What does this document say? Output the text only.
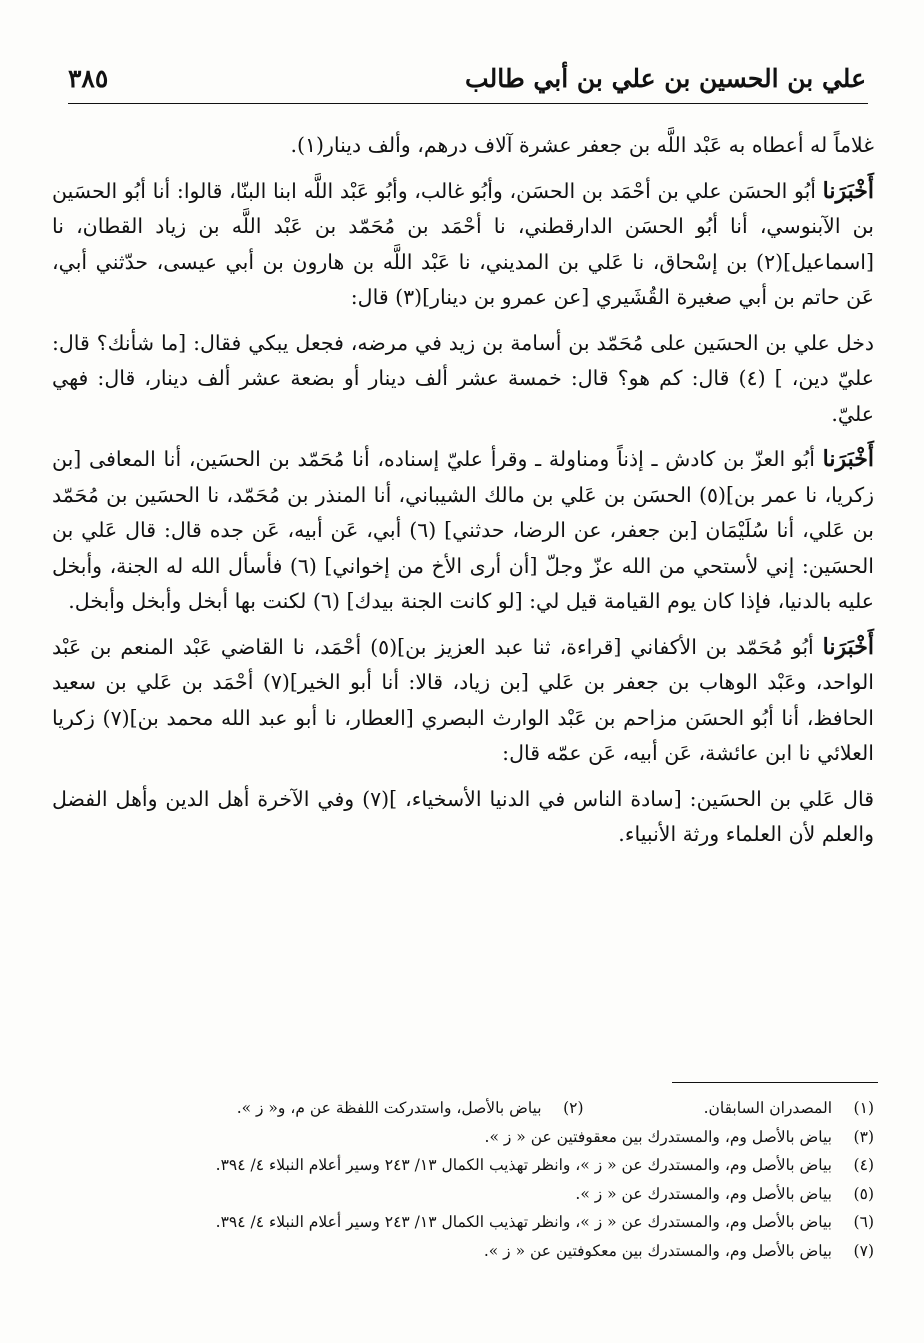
علي بن الحسين بن علي بن أبي طالب
٣٨٥

غلاماً له أعطاه به عَبْد اللَّه بن جعفر عشرة آلاف درهم، وألف دينار(١).

أَخْبَرَنا أبُو الحسَن علي بن أحْمَد بن الحسَن، وأبُو غالب، وأبُو عَبْد اللَّه ابنا البنّا، قالوا: أنا أبُو الحسَين بن الآبنوسي، أنا أبُو الحسَن الدارقطني، نا أحْمَد بن مُحَمّد بن عَبْد اللَّه بن زياد القطان، نا [اسماعيل](٢) بن إسْحاق، نا عَلي بن المديني، نا عَبْد اللَّه بن هارون بن أبي عيسى، حدّثني أبي، عَن حاتم بن أبي صغيرة القُشَيري [عن عمرو بن دينار](٣) قال:

دخل علي بن الحسَين على مُحَمّد بن أسامة بن زيد في مرضه، فجعل يبكي فقال: [ما شأنك؟ قال: عليّ دين، ] (٤) قال: كم هو؟ قال: خمسة عشر ألف دينار أو بضعة عشر ألف دينار، قال: فهي عليّ.

أَخْبَرَنا أبُو العزّ بن كادش ـ إذناً ومناولة ـ وقرأ عليّ إسناده، أنا مُحَمّد بن الحسَين، أنا المعافى [بن زكريا، نا عمر بن](٥) الحسَن بن عَلي بن مالك الشيباني، أنا المنذر بن مُحَمّد، نا الحسَين بن مُحَمّد بن عَلي، أنا سُلَيْمَان [بن جعفر، عن الرضا، حدثني] (٦) أبي، عَن أبيه، عَن جده قال: قال عَلي بن الحسَين: إني لأستحي من الله عزّ وجلّ [أن أرى الأخ من إخواني] (٦) فأسأل الله له الجنة، وأبخل عليه بالدنيا، فإذا كان يوم القيامة قيل لي: [لو كانت الجنة بيدك] (٦) لكنت بها أبخل وأبخل وأبخل.

أَخْبَرَنا أبُو مُحَمّد بن الأكفاني [قراءة، ثنا عبد العزيز بن](٥) أحْمَد، نا القاضي عَبْد المنعم بن عَبْد الواحد، وعَبْد الوهاب بن جعفر بن عَلي [بن زياد، قالا: أنا أبو الخير](٧) أحْمَد بن عَلي بن سعيد الحافظ، أنا أبُو الحسَن مزاحم بن عَبْد الوارث البصري [العطار، نا أبو عبد الله محمد بن](٧) زكريا العلائي نا ابن عائشة، عَن أبيه، عَن عمّه قال:

قال عَلي بن الحسَين: [سادة الناس في الدنيا الأسخياء، ](٧) وفي الآخرة أهل الدين وأهل الفضل والعلم لأن العلماء ورثة الأنبياء.

(١)المصدران السابقان.(٢)بياض بالأصل، واستدركت اللفظة عن م، و« ز ».
(٣)بياض بالأصل وم، والمستدرك بين معقوفتين عن « ز ».
(٤)بياض بالأصل وم، والمستدرك عن « ز »، وانظر تهذيب الكمال ١٣/ ٢٤٣ وسير أعلام النبلاء ٤/ ٣٩٤.
(٥)بياض بالأصل وم، والمستدرك عن « ز ».
(٦)بياض بالأصل وم، والمستدرك عن « ز »، وانظر تهذيب الكمال ١٣/ ٢٤٣ وسير أعلام النبلاء ٤/ ٣٩٤.
(٧)بياض بالأصل وم، والمستدرك بين معكوفتين عن « ز ».
